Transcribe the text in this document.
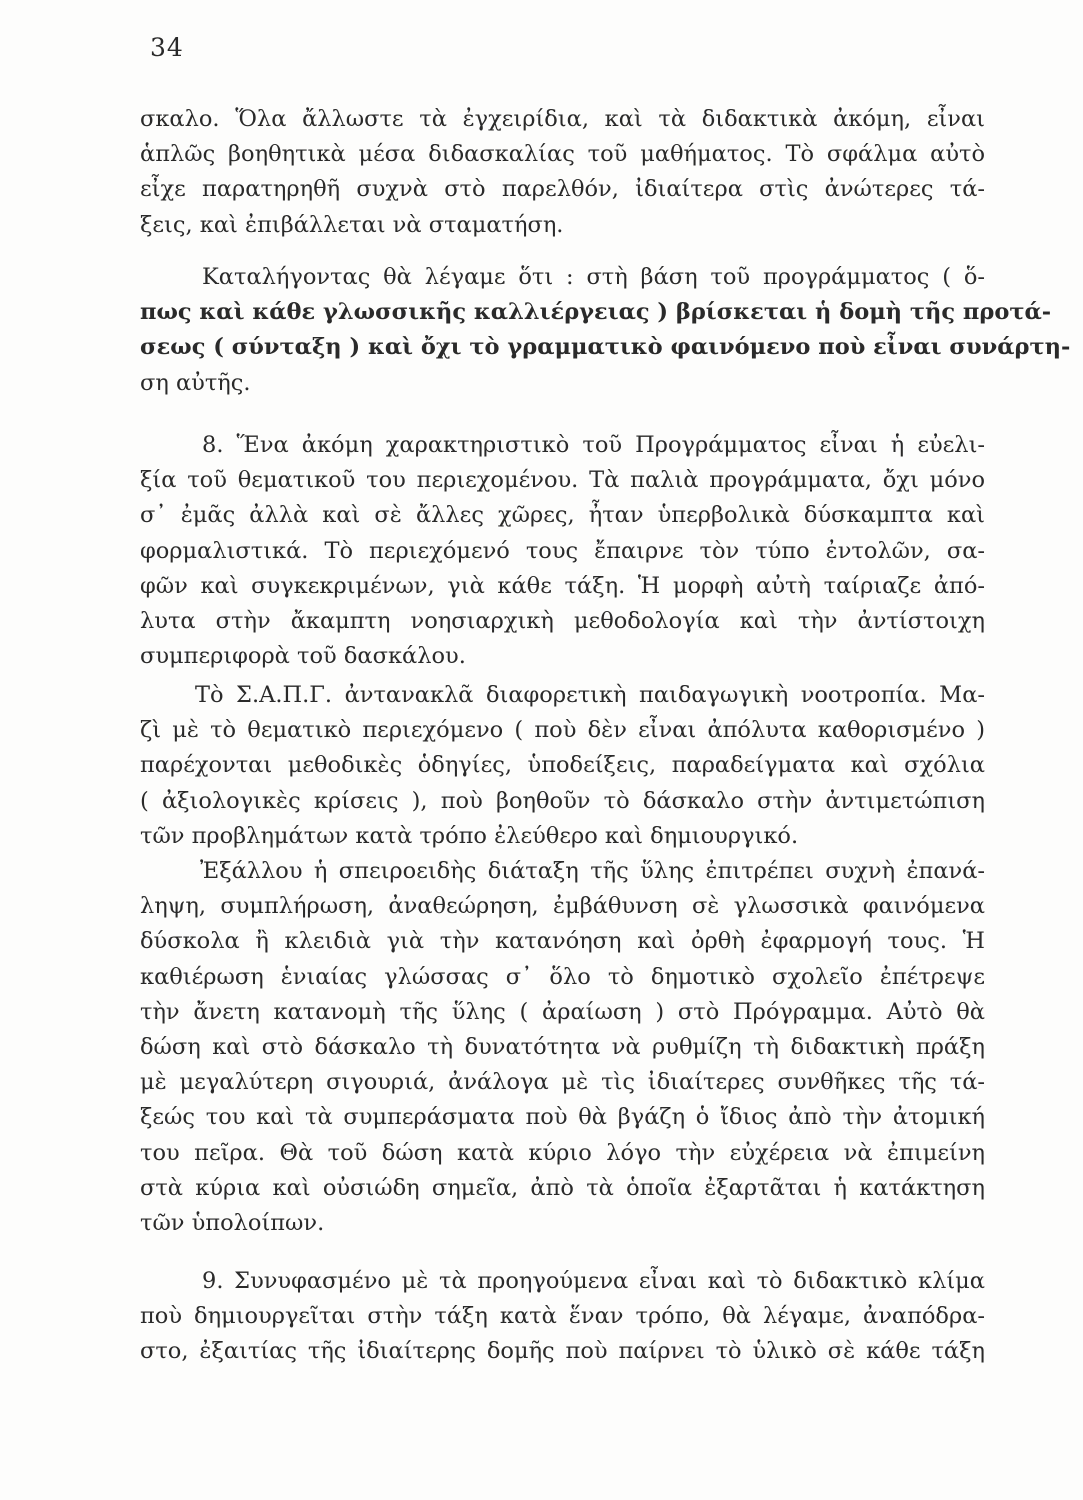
34
σκαλο. Ὅλα ἄλλωστε τὰ ἐγχειρίδια, καὶ τὰ διδακτικὰ ἀκόμη, εἶναι
ἁπλῶς βοηθητικὰ μέσα διδασκαλίας τοῦ μαθήματος. Τὸ σφάλμα αὐτὸ
εἶχε παρατηρηθῆ συχνὰ στὸ παρελθόν, ἰδιαίτερα στὶς ἀνώτερες τά-
ξεις, καὶ ἐπιβάλλεται νὰ σταματήση.
Καταλήγοντας θὰ λέγαμε ὅτι : στὴ βάση τοῦ προγράμματος ( ὅ-
πως καὶ κάθε γλωσσικῆς καλλιέργειας ) βρίσκεται ἡ δομὴ τῆς προτά-
σεως ( σύνταξη ) καὶ ὄχι τὸ γραμματικὸ φαινόμενο ποὺ εἶναι συνάρτη-
ση αὐτῆς.
8. Ἕνα ἀκόμη χαρακτηριστικὸ τοῦ Προγράμματος εἶναι ἡ εὐελι-
ξία τοῦ θεματικοῦ του περιεχομένου. Τὰ παλιὰ προγράμματα, ὄχι μόνο
σ᾽ ἐμᾶς ἀλλὰ καὶ σὲ ἄλλες χῶρες, ἦταν ὑπερβολικὰ δύσκαμπτα καὶ
φορμαλιστικά. Τὸ περιεχόμενό τους ἔπαιρνε τὸν τύπο ἐντολῶν, σα-
φῶν καὶ συγκεκριμένων, γιὰ κάθε τάξη. Ἡ μορφὴ αὐτὴ ταίριαζε ἀπό-
λυτα στὴν ἄκαμπτη νοησιαρχικὴ μεθοδολογία καὶ τὴν ἀντίστοιχη
συμπεριφορὰ τοῦ δασκάλου.
Τὸ Σ.Α.Π.Γ. ἀντανακλᾶ διαφορετικὴ παιδαγωγικὴ νοοτροπία. Μα-
ζὶ μὲ τὸ θεματικὸ περιεχόμενο ( ποὺ δὲν εἶναι ἀπόλυτα καθορισμένο )
παρέχονται μεθοδικὲς ὁδηγίες, ὑποδείξεις, παραδείγματα καὶ σχόλια
( ἀξιολογικὲς κρίσεις ), ποὺ βοηθοῦν τὸ δάσκαλο στὴν ἀντιμετώπιση
τῶν προβλημάτων κατὰ τρόπο ἐλεύθερο καὶ δημιουργικό.
Ἐξάλλου ἡ σπειροειδὴς διάταξη τῆς ὕλης ἐπιτρέπει συχνὴ ἐπανά-
ληψη, συμπλήρωση, ἀναθεώρηση, ἐμβάθυνση σὲ γλωσσικὰ φαινόμενα
δύσκολα ἢ κλειδιὰ γιὰ τὴν κατανόηση καὶ ὀρθὴ ἐφαρμογή τους. Ἡ
καθιέρωση ἑνιαίας γλώσσας σ᾽ ὅλο τὸ δημοτικὸ σχολεῖο ἐπέτρεψε
τὴν ἄνετη κατανομὴ τῆς ὕλης ( ἀραίωση ) στὸ Πρόγραμμα. Αὐτὸ θὰ
δώση καὶ στὸ δάσκαλο τὴ δυνατότητα νὰ ρυθμίζη τὴ διδακτικὴ πράξη
μὲ μεγαλύτερη σιγουριά, ἀνάλογα μὲ τὶς ἰδιαίτερες συνθῆκες τῆς τά-
ξεώς του καὶ τὰ συμπεράσματα ποὺ θὰ βγάζη ὁ ἴδιος ἀπὸ τὴν ἀτομική
του πεῖρα. Θὰ τοῦ δώση κατὰ κύριο λόγο τὴν εὐχέρεια νὰ ἐπιμείνη
στὰ κύρια καὶ οὐσιώδη σημεῖα, ἀπὸ τὰ ὁποῖα ἐξαρτᾶται ἡ κατάκτηση
τῶν ὑπολοίπων.
9. Συνυφασμένο μὲ τὰ προηγούμενα εἶναι καὶ τὸ διδακτικὸ κλίμα
ποὺ δημιουργεῖται στὴν τάξη κατὰ ἕναν τρόπο, θὰ λέγαμε, ἀναπόδρα-
στο, ἐξαιτίας τῆς ἰδιαίτερης δομῆς ποὺ παίρνει τὸ ὑλικὸ σὲ κάθε τάξη
